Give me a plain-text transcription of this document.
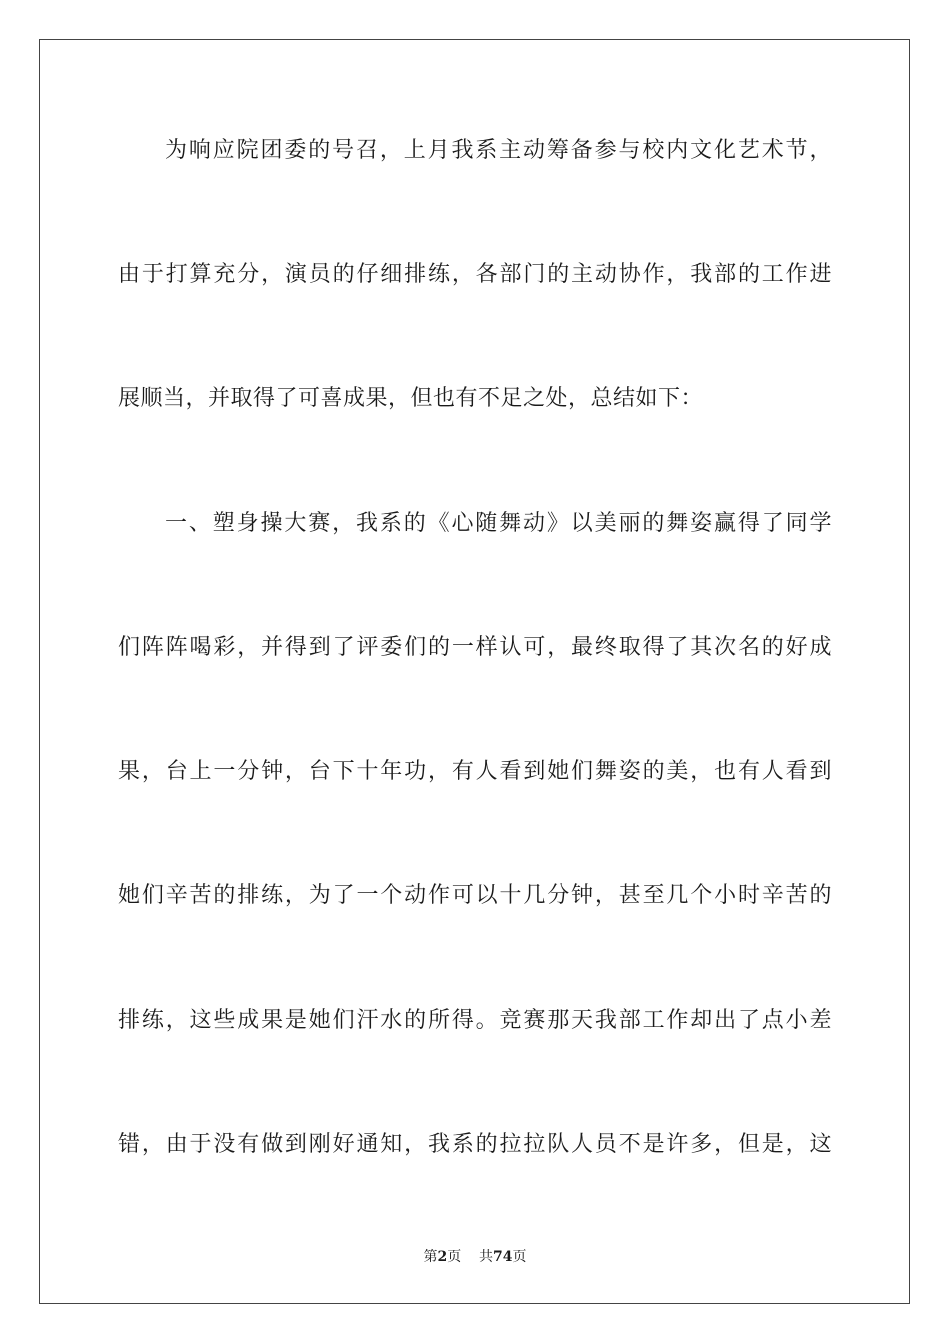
为响应院团委的号召，上月我系主动筹备参与校内文化艺术节，
由于打算充分，演员的仔细排练，各部门的主动协作，我部的工作进
展顺当，并取得了可喜成果，但也有不足之处，总结如下：
一、塑身操大赛，我系的《心随舞动》以美丽的舞姿赢得了同学
们阵阵喝彩，并得到了评委们的一样认可，最终取得了其次名的好成
果，台上一分钟，台下十年功，有人看到她们舞姿的美，也有人看到
她们辛苦的排练，为了一个动作可以十几分钟，甚至几个小时辛苦的
排练，这些成果是她们汗水的所得。竞赛那天我部工作却出了点小差
错，由于没有做到刚好通知，我系的拉拉队人员不是许多，但是，这
第2页 共74页
